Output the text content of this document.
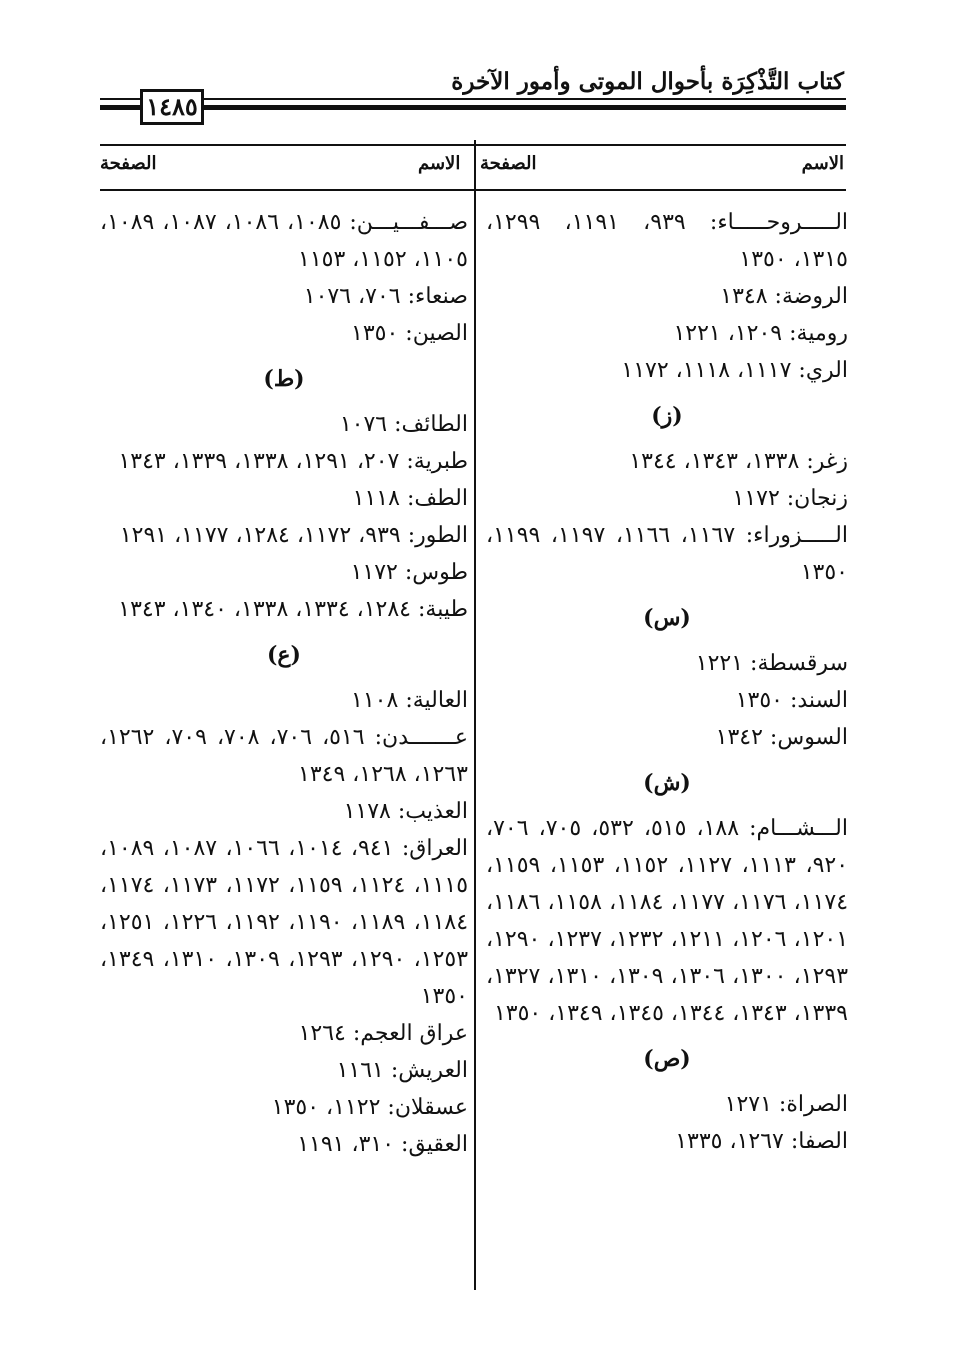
كتاب التَّذْكِرَة بأحوال الموتى وأمور الآخرة
١٤٨٥
الاسم
الصفحة
الاسم
الصفحة
الـــــروحـــــاء: ٩٣٩، ١١٩١، ١٢٩٩، ١٣١٥، ١٣٥٠
الروضة: ١٣٤٨
رومية: ١٢٠٩، ١٢٢١
الري: ١١١٧، ١١١٨، ١١٧٢
(ز)
زغر: ١٣٣٨، ١٣٤٣، ١٣٤٤
زنجان: ١١٧٢
الـــــزوراء: ١١٦٧، ١١٦٦، ١١٩٧، ١١٩٩، ١٣٥٠
(س)
سرقسطة: ١٢٢١
السند: ١٣٥٠
السوس: ١٣٤٢
(ش)
الـــشـــام: ١٨٨، ٥١٥، ٥٣٢، ٧٠٥، ٧٠٦، ٩٢٠، ١١١٣، ١١٢٧، ١١٥٢، ١١٥٣، ١١٥٩، ١١٧٤، ١١٧٦، ١١٧٧، ١١٨٤، ١١٥٨، ١١٨٦، ١٢٠١، ١٢٠٦، ١٢١١، ١٢٣٢، ١٢٣٧، ١٢٩٠، ١٢٩٣، ١٣٠٠، ١٣٠٦، ١٣٠٩، ١٣١٠، ١٣٢٧، ١٣٣٩، ١٣٤٣، ١٣٤٤، ١٣٤٥، ١٣٤٩، ١٣٥٠
(ص)
الصراة: ١٢٧١
الصفا: ١٢٦٧، ١٣٣٥
صـــفـــيـــن: ١٠٨٥، ١٠٨٦، ١٠٨٧، ١٠٨٩، ١١٠٥، ١١٥٢، ١١٥٣
صنعاء: ٧٠٦، ١٠٧٦
الصين: ١٣٥٠
(ط)
الطائف: ١٠٧٦
طبرية: ٢٠٧، ١٢٩١، ١٣٣٨، ١٣٣٩، ١٣٤٣
الطف: ١١١٨
الطور: ٩٣٩، ١١٧٢، ١٢٨٤، ١١٧٧، ١٢٩١
طوس: ١١٧٢
طيبة: ١٢٨٤، ١٣٣٤، ١٣٣٨، ١٣٤٠، ١٣٤٣
(ع)
العالية: ١١٠٨
عـــــــدن: ٥١٦، ٧٠٦، ٧٠٨، ٧٠٩، ١٢٦٢، ١٢٦٣، ١٢٦٨، ١٣٤٩
العذيب: ١١٧٨
العراق: ٩٤١، ١٠١٤، ١٠٦٦، ١٠٨٧، ١٠٨٩، ١١١٥، ١١٢٤، ١١٥٩، ١١٧٢، ١١٧٣، ١١٧٤، ١١٨٤، ١١٨٩، ١١٩٠، ١١٩٢، ١٢٢٦، ١٢٥١، ١٢٥٣، ١٢٩٠، ١٢٩٣، ١٣٠٩، ١٣١٠، ١٣٤٩، ١٣٥٠
عراق العجم: ١٢٦٤
العريش: ١١٦١
عسقلان: ١١٢٢، ١٣٥٠
العقيق: ٣١٠، ١١٩١
